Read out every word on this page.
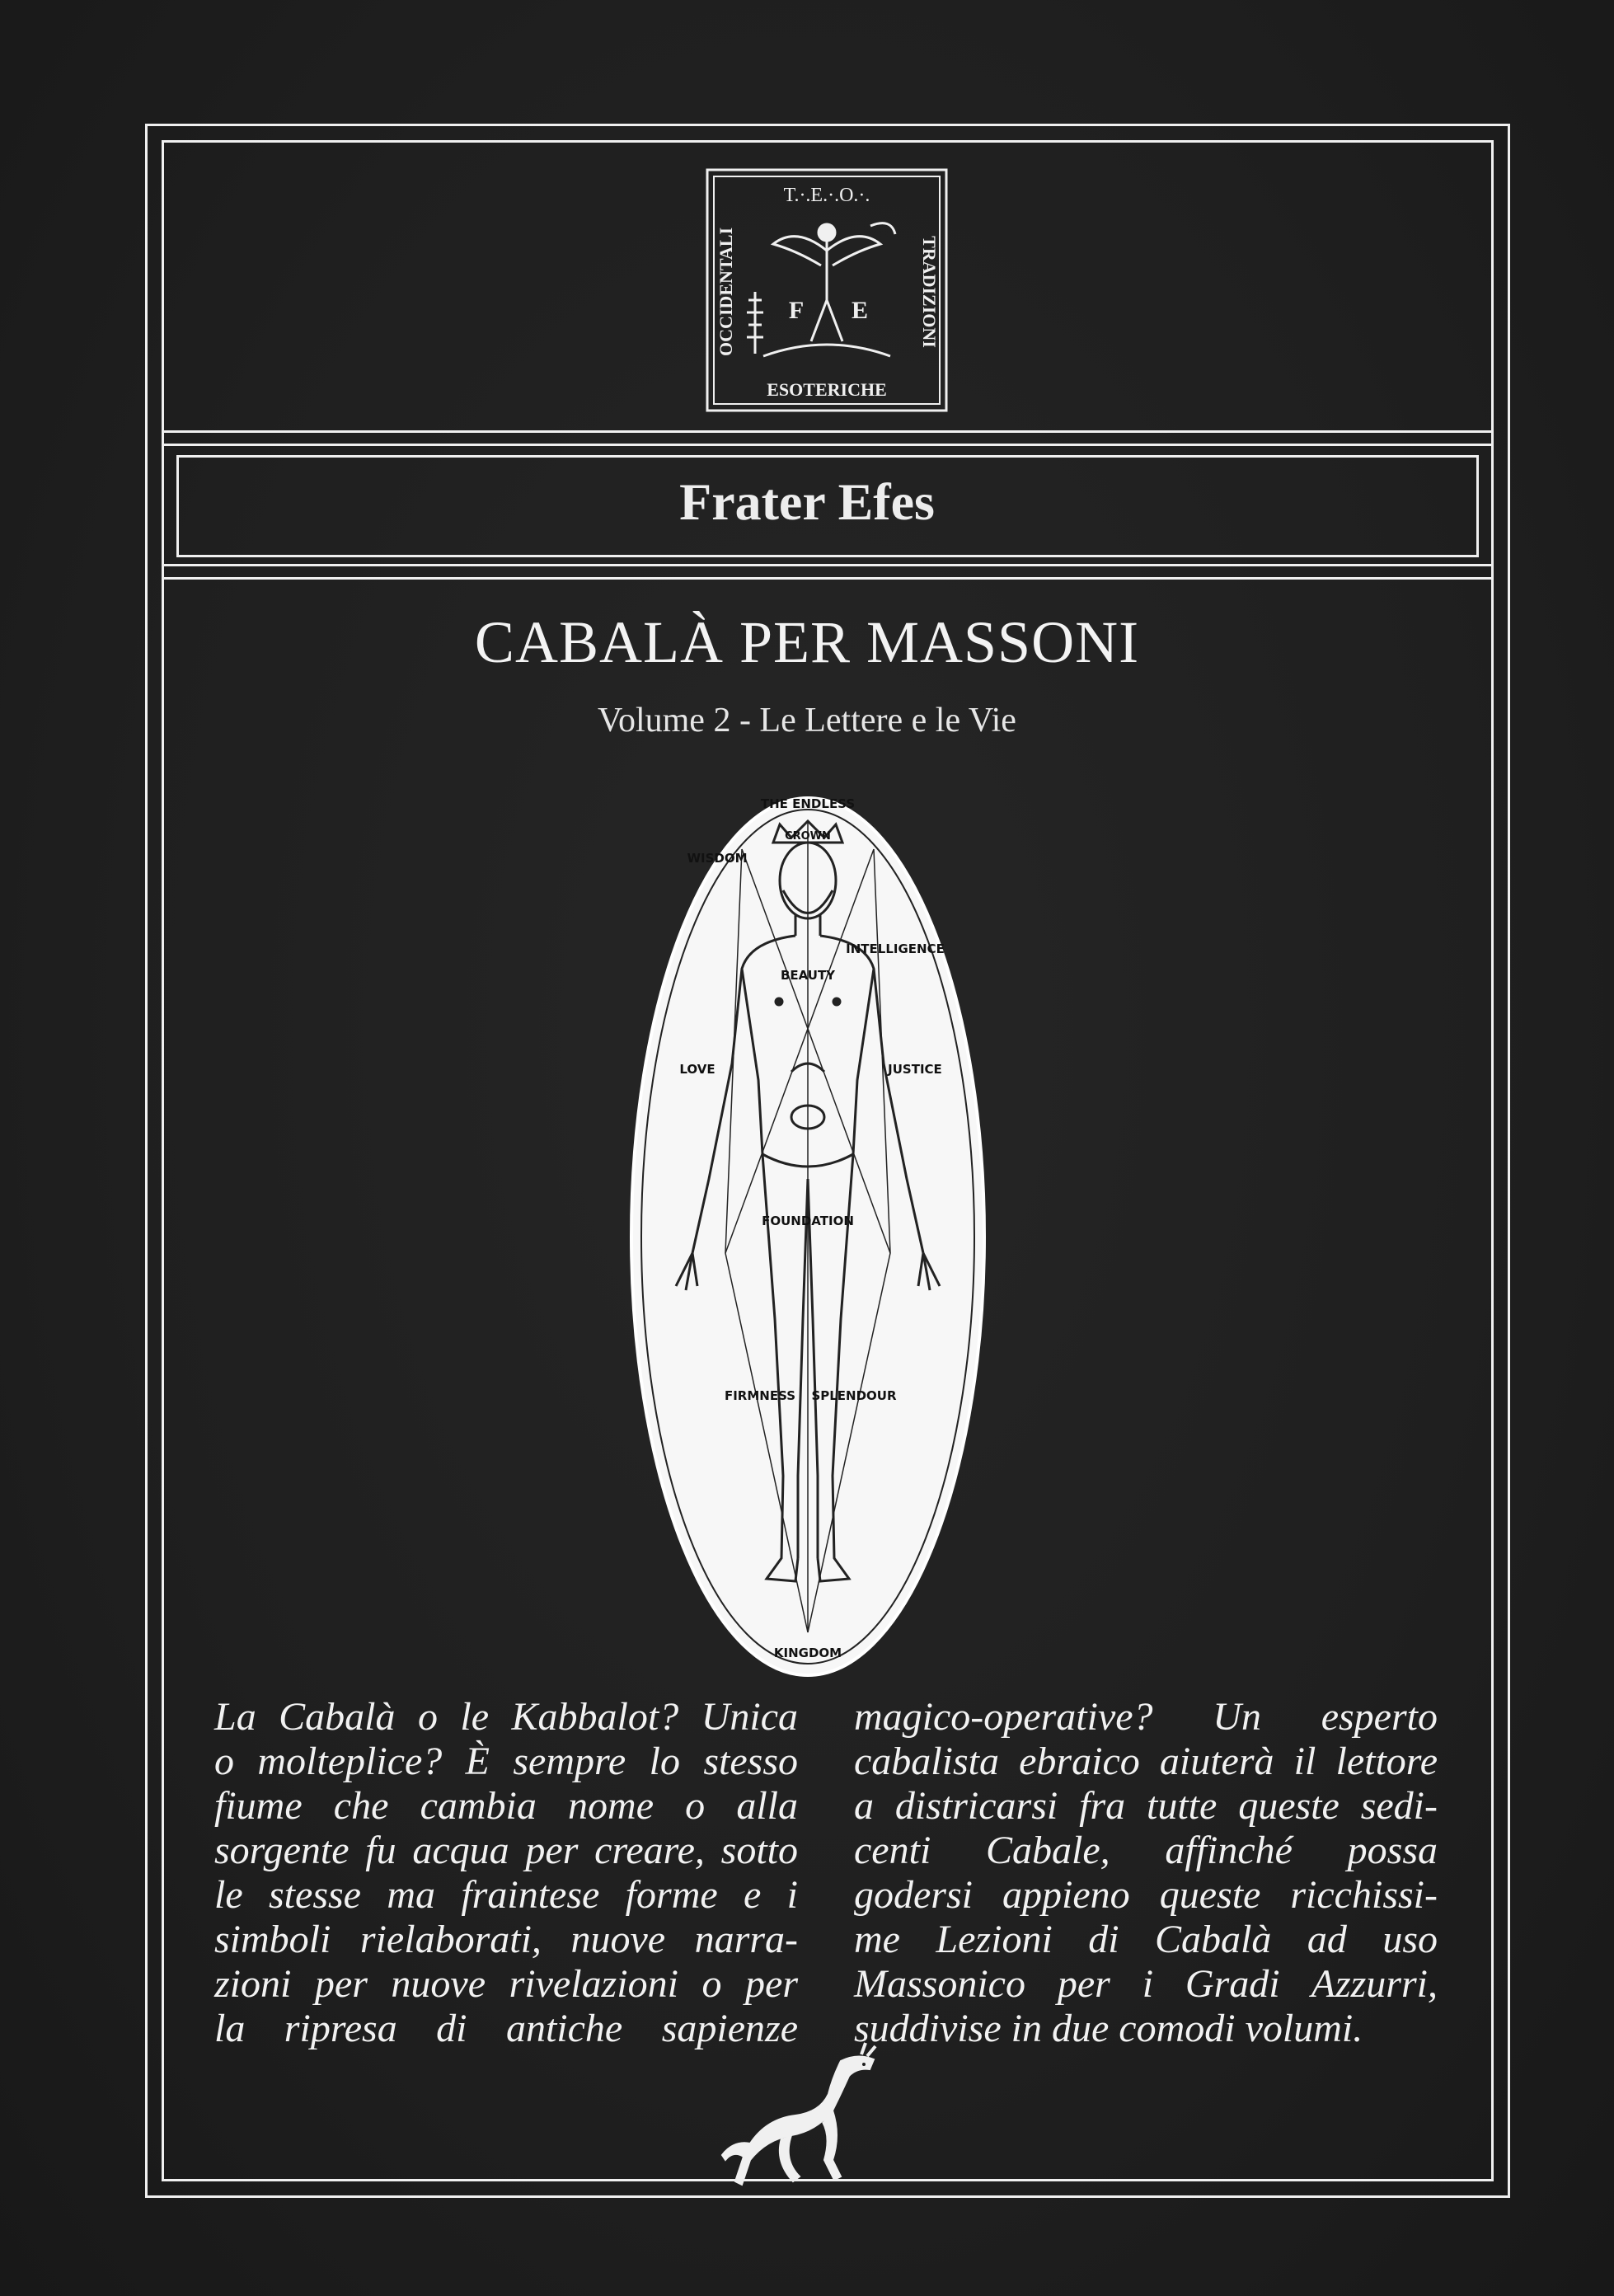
T.·.E.·.O.·.
ESOTERICHE
OCCIDENTALI	TRADIZIONI
F E
Frater Efes
CABALÀ PER MASSONI
Volume 2 - Le Lettere e le Vie
THE ENDLESS
CROWN
WISDOM
INTELLIGENCE
BEAUTY
LOVE	JUSTICE
FOUNDATION
FIRMNESS SPLENDOUR
KINGDOM
La Cabalà o le Kabbalot? Unica
o molteplice? È sempre lo stesso
fiume che cambia nome o alla
sorgente fu acqua per creare, sotto
le stesse ma fraintese forme e i
simboli rielaborati, nuove narra-
zioni per nuove rivelazioni o per
la ripresa di antiche sapienze
magico-operative? Un esperto
cabalista ebraico aiuterà il lettore
a districarsi fra tutte queste sedi-
centi Cabale, affinché possa
godersi appieno queste ricchissi-
me Lezioni di Cabalà ad uso
Massonico per i Gradi Azzurri,
suddivise in due comodi volumi.
